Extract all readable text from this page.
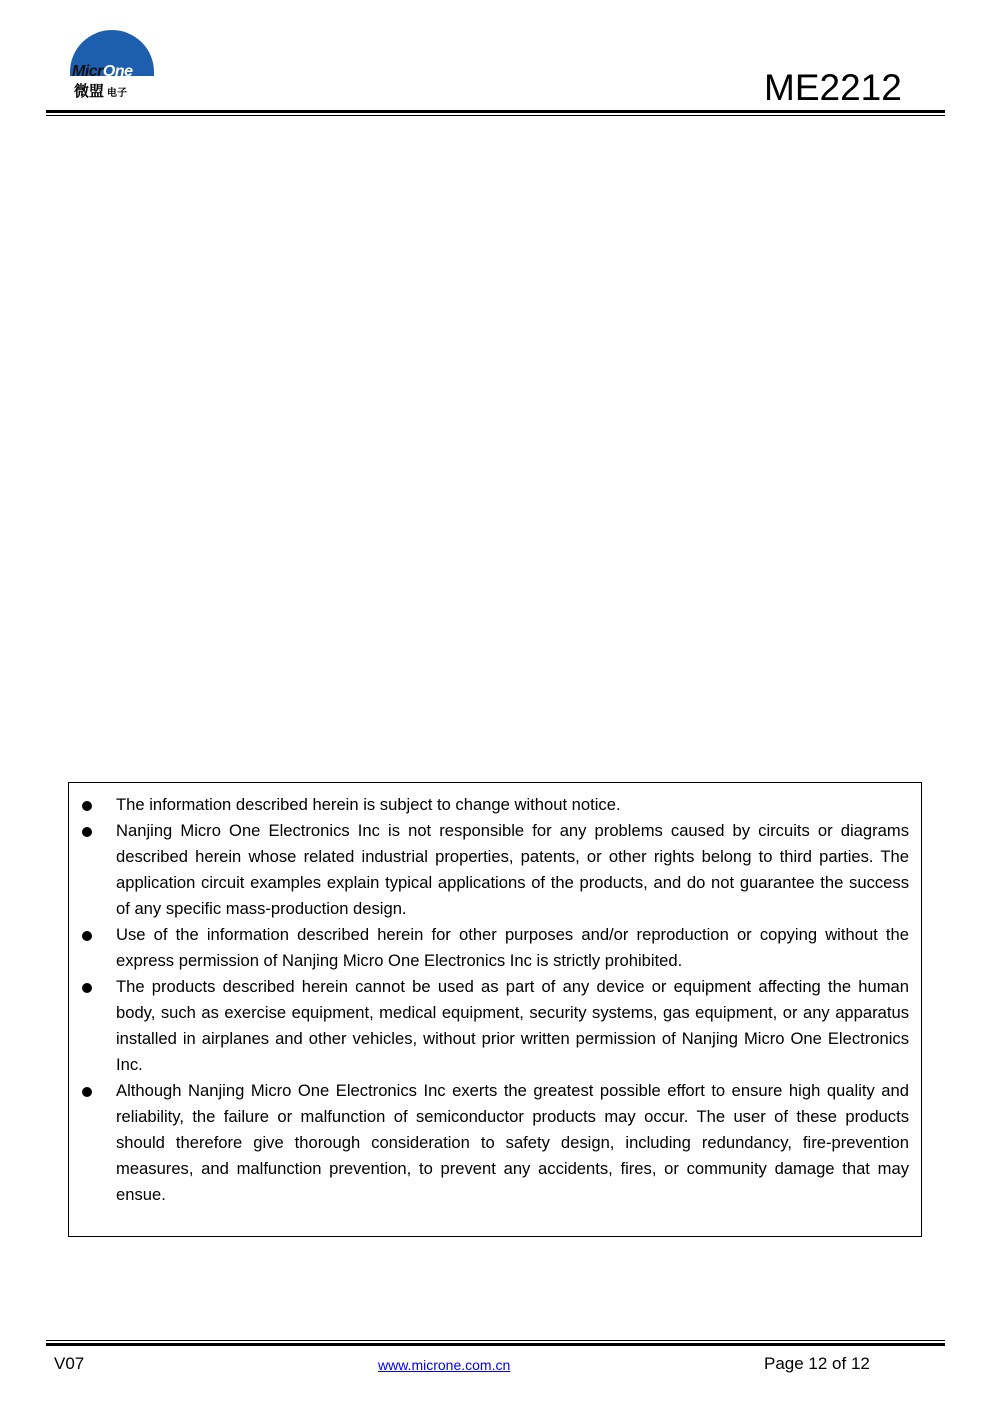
MicrOne
微盟 电子	ME2212
The information described herein is subject to change without notice.
Nanjing Micro One Electronics Inc is not responsible for any problems caused by circuits or diagrams described herein whose related industrial properties, patents, or other rights belong to third parties. The application circuit examples explain typical applications of the products, and do not guarantee the success of any specific mass-production design.
Use of the information described herein for other purposes and/or reproduction or copying without the express permission of Nanjing Micro One Electronics Inc is strictly prohibited.
The products described herein cannot be used as part of any device or equipment affecting the human body, such as exercise equipment, medical equipment, security systems, gas equipment, or any apparatus installed in airplanes and other vehicles, without prior written permission of Nanjing Micro One Electronics Inc.
Although Nanjing Micro One Electronics Inc exerts the greatest possible effort to ensure high quality and reliability, the failure or malfunction of semiconductor products may occur. The user of these products should therefore give thorough consideration to safety design, including redundancy, fire-prevention measures, and malfunction prevention, to prevent any accidents, fires, or community damage that may ensue.
V07	www.microne.com.cn	Page 12 of 12
